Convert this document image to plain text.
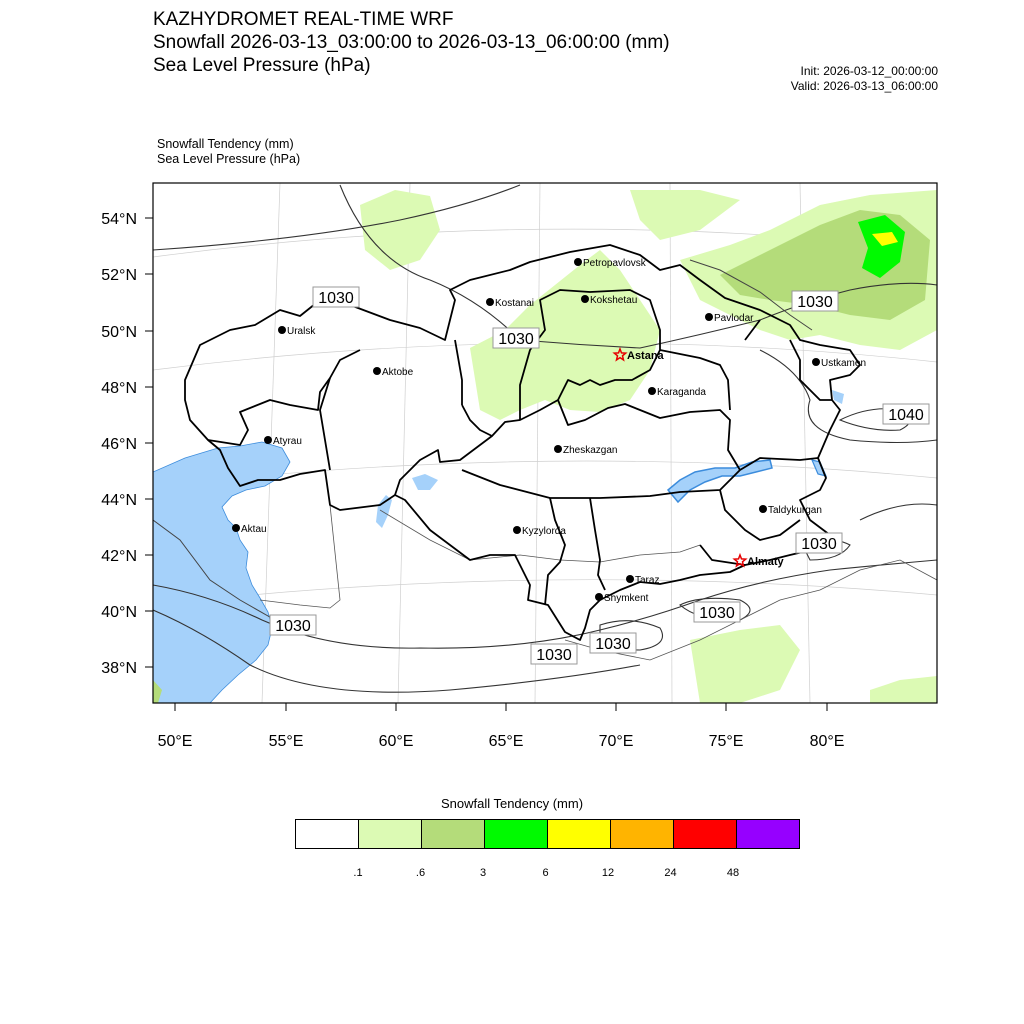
KAZHYDROMET REAL-TIME WRF
Snowfall 2026-03-13_03:00:00 to 2026-03-13_06:00:00 (mm)
Sea Level Pressure (hPa)	Init: 2026-03-12_00:00:00
Valid: 2026-03-13_06:00:00
Snowfall Tendency (mm)
Sea Level Pressure (hPa)
54°N
52°N
50°N
48°N
46°N
44°N
42°N
40°N
38°N
50°E	55°E	60°E	65°E	70°E	75°E	80°E
Petropavlovsk
Kostanai	Kokshetau
Pavlodar
Uralsk
Astana
Aktobe
Ustkamen
Karaganda
Atyrau
Zheskazgan
Aktau	Kyzylorda
Taldykurgan
Almaty
Taraz
Shymkent
1030
1030
1030
1040
1030
1030
1030
1030
1030
Snowfall Tendency (mm)
.1	.6	3	6	12	24	48
